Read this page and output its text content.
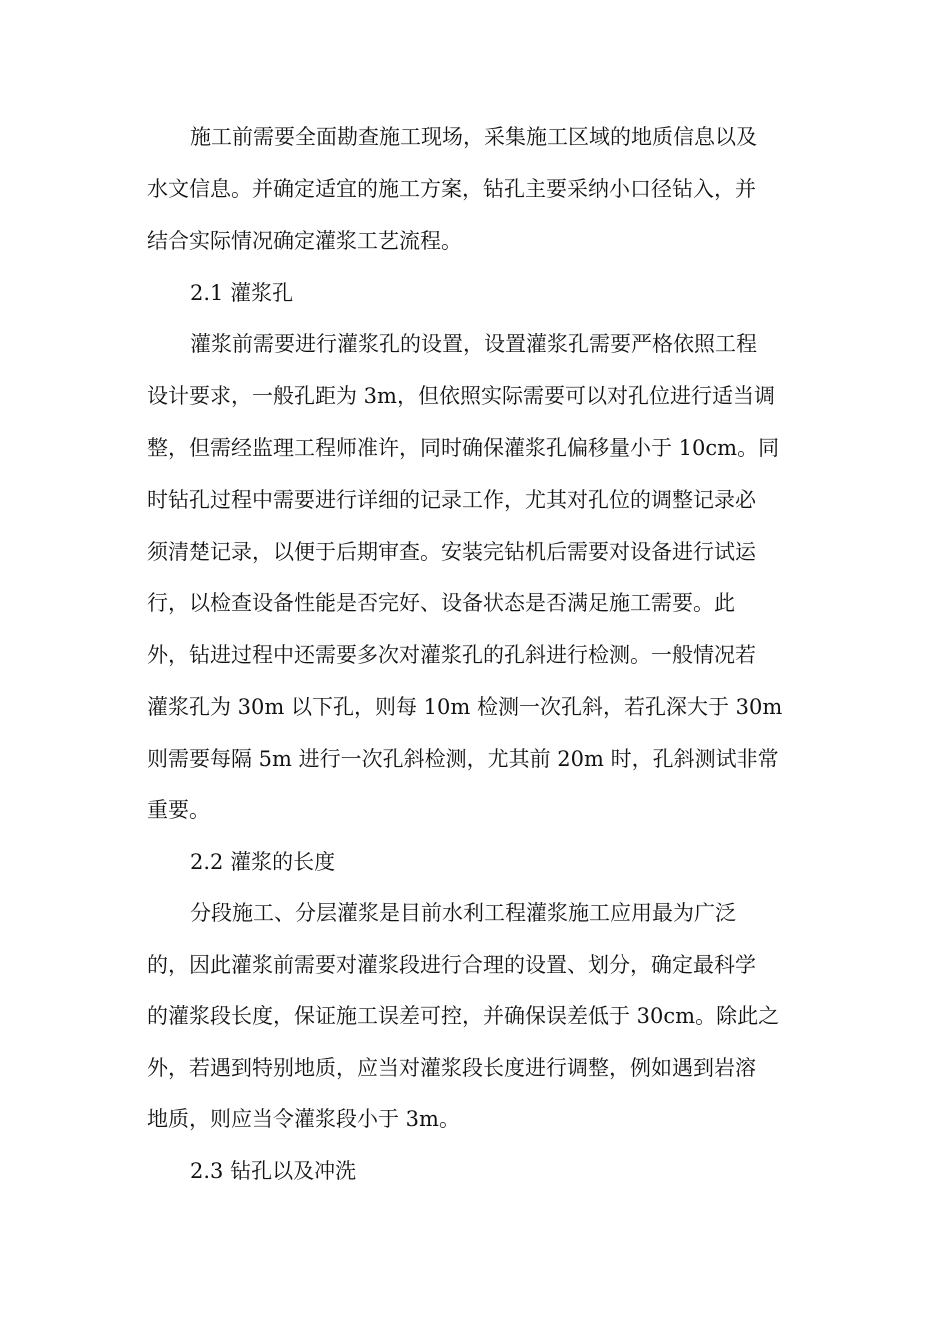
施工前需要全面勘查施工现场，采集施工区域的地质信息以及
水文信息。并确定适宜的施工方案，钻孔主要采纳小口径钻入，并
结合实际情况确定灌浆工艺流程。
2.1 灌浆孔
灌浆前需要进行灌浆孔的设置，设置灌浆孔需要严格依照工程
设计要求，一般孔距为 3m，但依照实际需要可以对孔位进行适当调
整，但需经监理工程师准许，同时确保灌浆孔偏移量小于 10cm。同
时钻孔过程中需要进行详细的记录工作，尤其对孔位的调整记录必
须清楚记录，以便于后期审查。安装完钻机后需要对设备进行试运
行，以检查设备性能是否完好、设备状态是否满足施工需要。此
外，钻进过程中还需要多次对灌浆孔的孔斜进行检测。一般情况若
灌浆孔为 30m 以下孔，则每 10m 检测一次孔斜，若孔深大于 30m
则需要每隔 5m 进行一次孔斜检测，尤其前 20m 时，孔斜测试非常
重要。
2.2 灌浆的长度
分段施工、分层灌浆是目前水利工程灌浆施工应用最为广泛
的，因此灌浆前需要对灌浆段进行合理的设置、划分，确定最科学
的灌浆段长度，保证施工误差可控，并确保误差低于 30cm。除此之
外，若遇到特别地质，应当对灌浆段长度进行调整，例如遇到岩溶
地质，则应当令灌浆段小于 3m。
2.3 钻孔以及冲洗
